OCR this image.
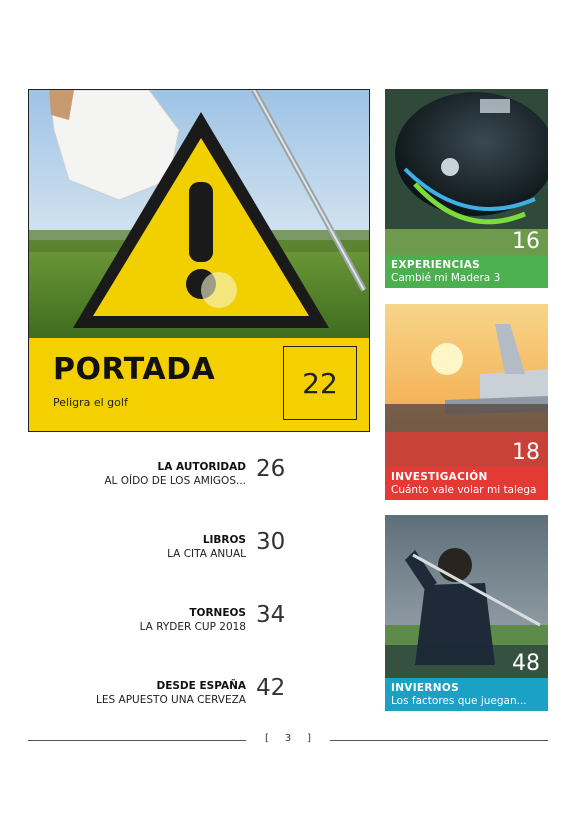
PORTADA
Peligra el golf
22
16
EXPERIENCIAS
Cambié mi Madera 3
18
INVESTIGACIÓN
Cuánto vale volar mi talega
48
INVIERNOS
Los factores que juegan...
LA AUTORIDAD
AL OÍDO DE LOS AMIGOS... 26
LIBROS
LA CITA ANUAL 30
TORNEOS
LA RYDER CUP 2018 34
DESDE ESPAÑA
LES APUESTO UNA CERVEZA 42
[     3     ]
